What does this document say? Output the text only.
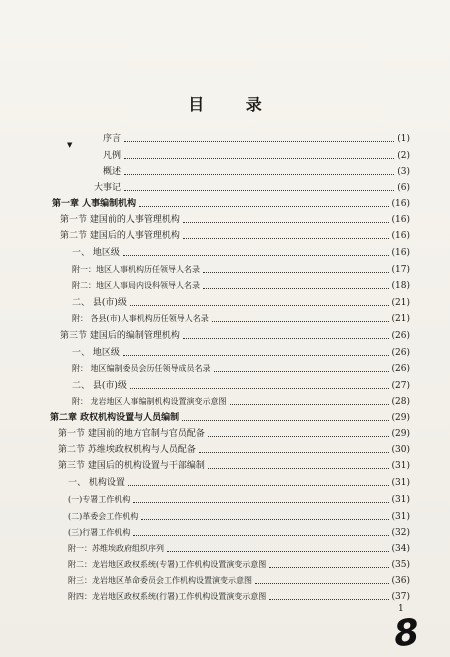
目 录
▼
序言	(1)
凡例	(2)
概述	(3)
大事记	(6)
第一章 人事编制机构	(16)
第一节 建国前的人事管理机构	(16)
第二节 建国后的人事管理机构	(16)
一、 地区级	(16)
附一：地区人事机构历任领导人名录	(17)
附二：地区人事局内设科领导人名录	(18)
二、 县(市)级	(21)
附： 各县(市)人事机构历任领导人名录	(21)
第三节 建国后的编制管理机构	(26)
一、 地区级	(26)
附： 地区编制委员会历任领导成员名录	(26)
二、 县(市)级	(27)
附： 龙岩地区人事编制机构设置演变示意图	(28)
第二章 政权机构设置与人员编制	(29)
第一节 建国前的地方官制与官员配备	(29)
第二节 苏维埃政权机构与人员配备	(30)
第三节 建国后的机构设置与干部编制	(31)
一、 机构设置	(31)
(一)专署工作机构	(31)
(二)革委会工作机构	(31)
(三)行署工作机构	(32)
附一：苏维埃政府组织序列	(34)
附二：龙岩地区政权系统(专署)工作机构设置演变示意图	(35)
附三：龙岩地区革命委员会工作机构设置演变示意图	(36)
附四：龙岩地区政权系统(行署)工作机构设置演变示意图	(37)
1
8
